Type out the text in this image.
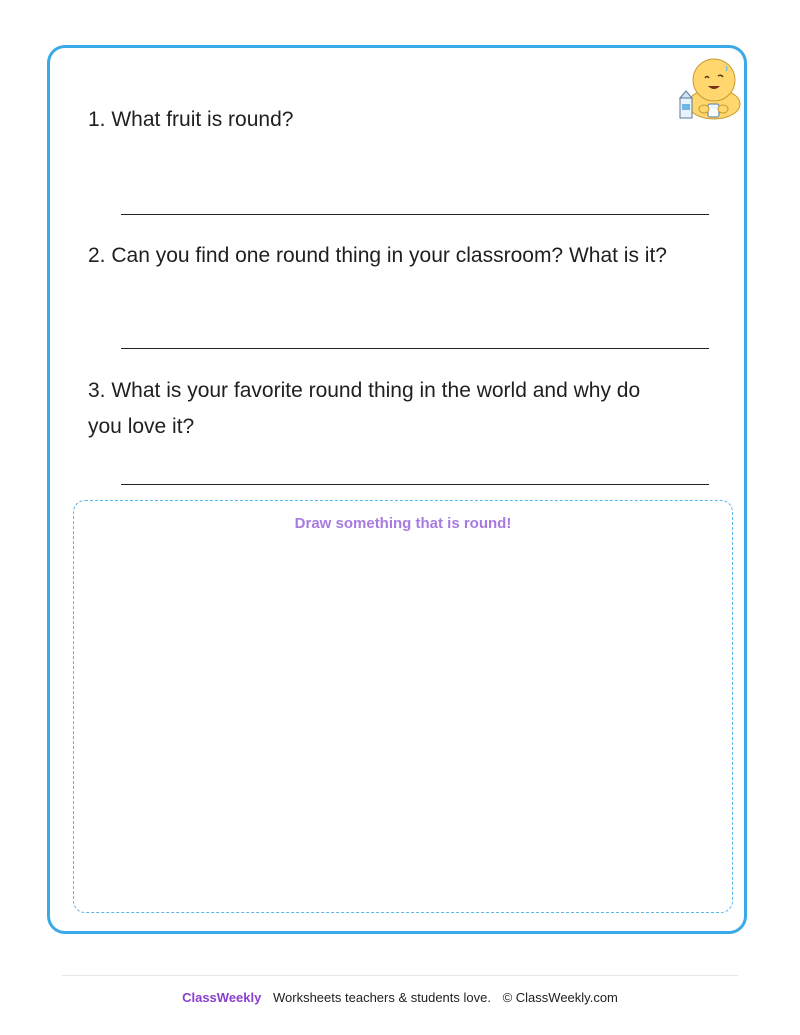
1. What fruit is round?
2. Can you find one round thing in your classroom? What is it?
3. What is your favorite round thing in the world and why do you love it?
Draw something that is round!
ClassWeekly Worksheets teachers & students love. © ClassWeekly.com
